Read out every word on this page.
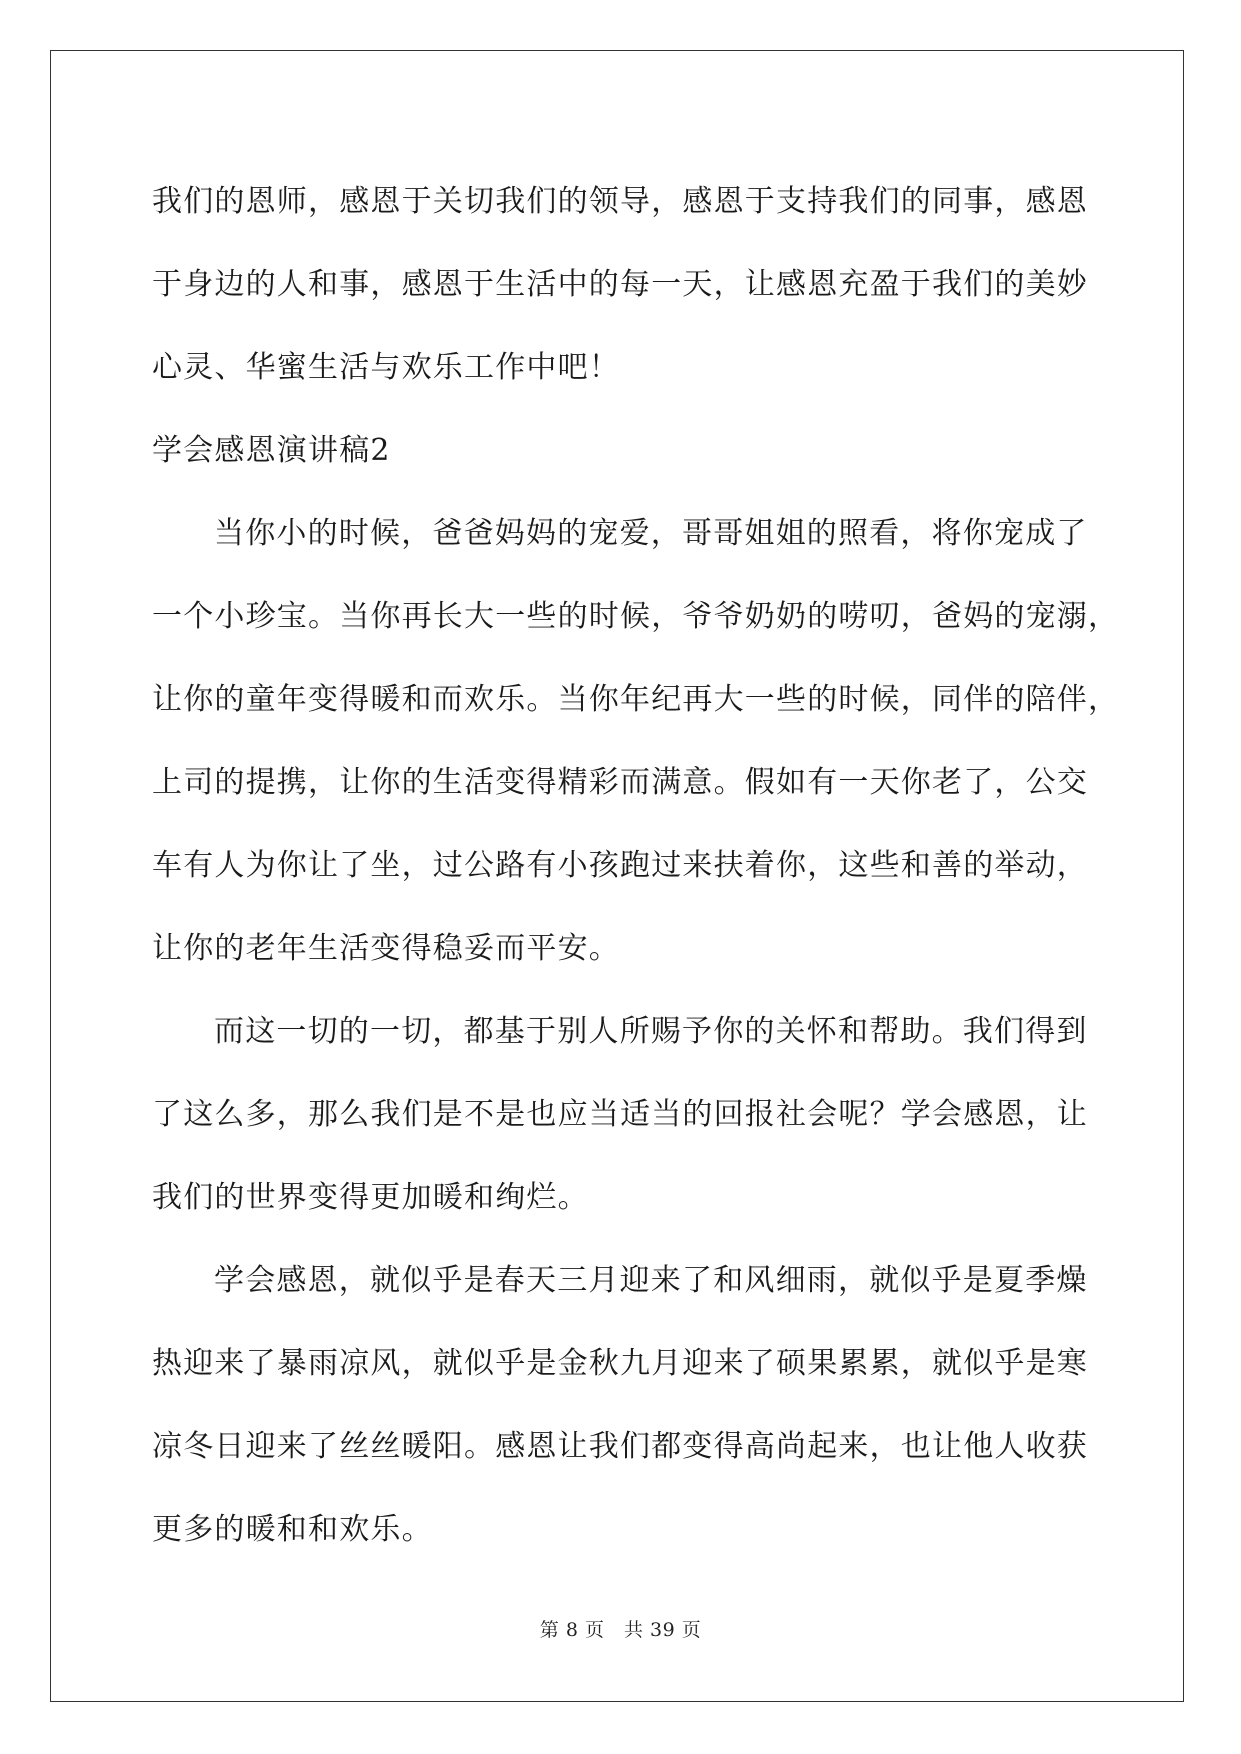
我们的恩师，感恩于关切我们的领导，感恩于支持我们的同事，感恩
于身边的人和事，感恩于生活中的每一天，让感恩充盈于我们的美妙
心灵、华蜜生活与欢乐工作中吧！
学会感恩演讲稿2
当你小的时候，爸爸妈妈的宠爱，哥哥姐姐的照看，将你宠成了
一个小珍宝。当你再长大一些的时候，爷爷奶奶的唠叨，爸妈的宠溺，
让你的童年变得暖和而欢乐。当你年纪再大一些的时候，同伴的陪伴，
上司的提携，让你的生活变得精彩而满意。假如有一天你老了，公交
车有人为你让了坐，过公路有小孩跑过来扶着你，这些和善的举动，
让你的老年生活变得稳妥而平安。
而这一切的一切，都基于别人所赐予你的关怀和帮助。我们得到
了这么多，那么我们是不是也应当适当的回报社会呢？学会感恩，让
我们的世界变得更加暖和绚烂。
学会感恩，就似乎是春天三月迎来了和风细雨，就似乎是夏季燥
热迎来了暴雨凉风，就似乎是金秋九月迎来了硕果累累，就似乎是寒
凉冬日迎来了丝丝暖阳。感恩让我们都变得高尚起来，也让他人收获
更多的暖和和欢乐。
第 8 页　共 39 页
